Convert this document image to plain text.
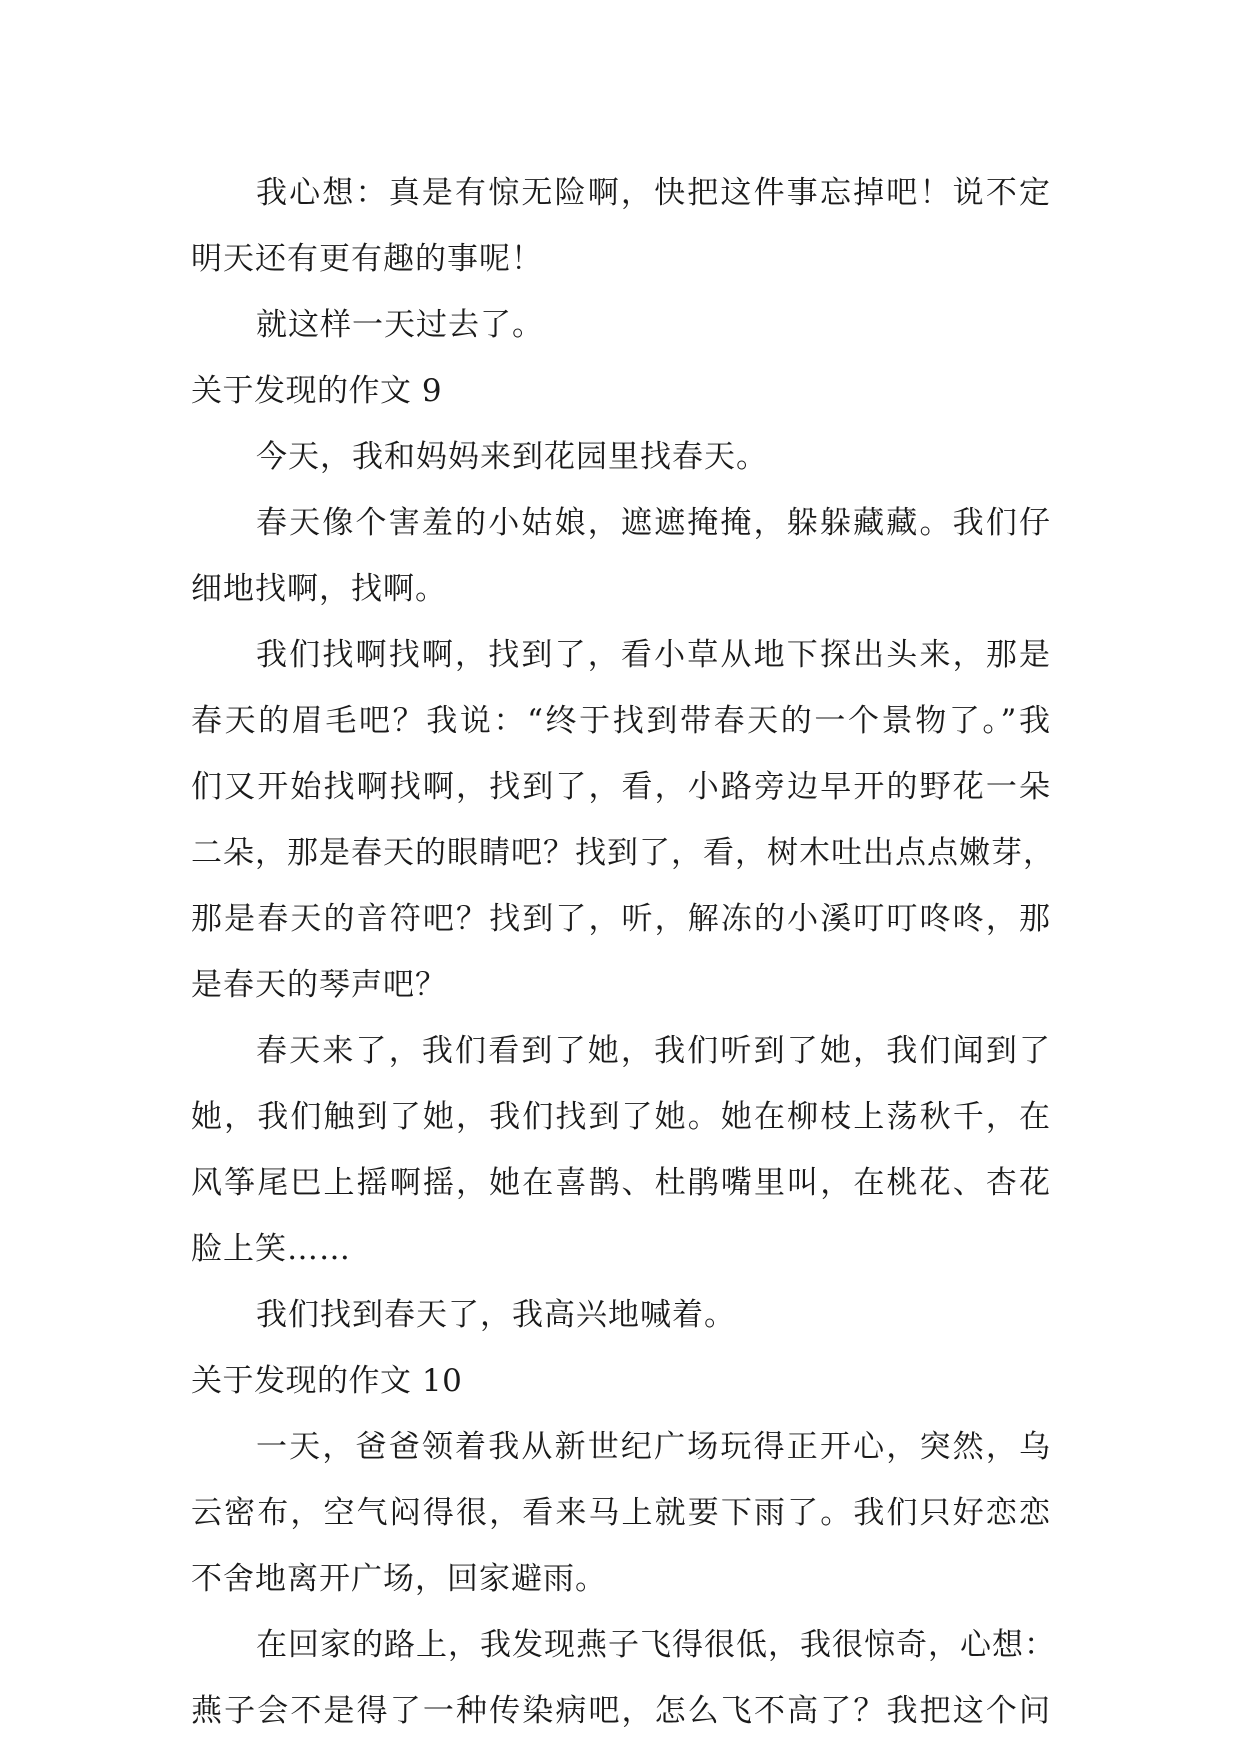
我心想：真是有惊无险啊，快把这件事忘掉吧！说不定
明天还有更有趣的事呢！
就这样一天过去了。
关于发现的作文 9
今天，我和妈妈来到花园里找春天。
春天像个害羞的小姑娘，遮遮掩掩，躲躲藏藏。我们仔
细地找啊，找啊。
我们找啊找啊，找到了，看小草从地下探出头来，那是
春天的眉毛吧？我说：“终于找到带春天的一个景物了。”我
们又开始找啊找啊，找到了，看，小路旁边早开的野花一朵
二朵，那是春天的眼睛吧？找到了，看，树木吐出点点嫩芽，
那是春天的音符吧？找到了，听，解冻的小溪叮叮咚咚，那
是春天的琴声吧？
春天来了，我们看到了她，我们听到了她，我们闻到了
她，我们触到了她，我们找到了她。她在柳枝上荡秋千，在
风筝尾巴上摇啊摇，她在喜鹊、杜鹃嘴里叫，在桃花、杏花
脸上笑……
我们找到春天了，我高兴地喊着。
关于发现的作文 10
一天，爸爸领着我从新世纪广场玩得正开心，突然，乌
云密布，空气闷得很，看来马上就要下雨了。我们只好恋恋
不舍地离开广场，回家避雨。
在回家的路上，我发现燕子飞得很低，我很惊奇，心想：
燕子会不是得了一种传染病吧，怎么飞不高了？我把这个问
